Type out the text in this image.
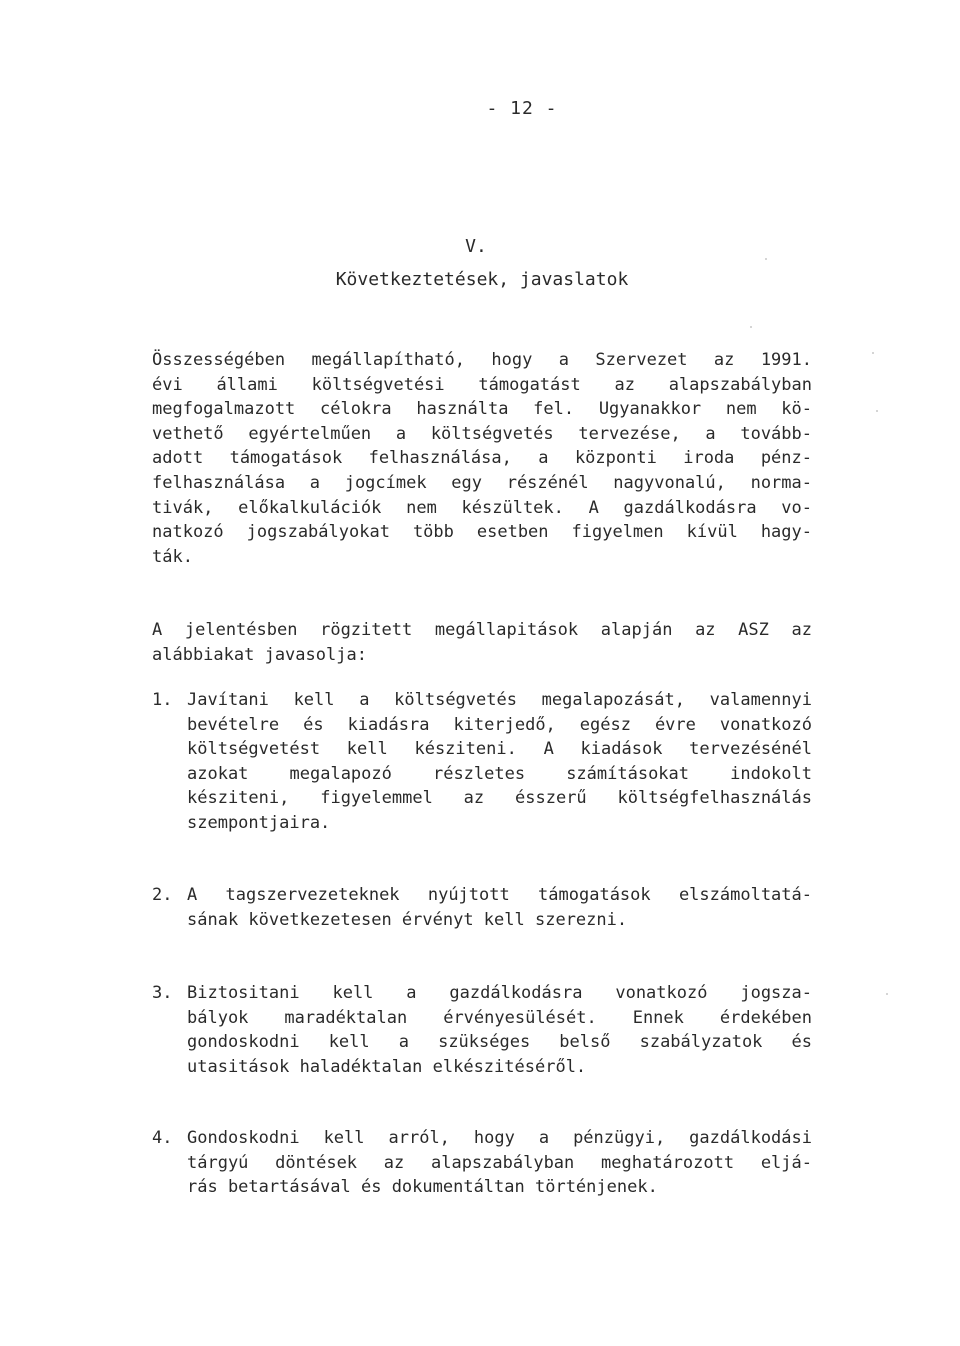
- 12 -
V.
Következtetések, javaslatok
Összességében megállapítható, hogy a Szervezet az 1991.
évi állami költségvetési támogatást az alapszabályban
megfogalmazott célokra használta fel. Ugyanakkor nem kö-
vethető egyértelműen a költségvetés tervezése, a tovább-
adott támogatások felhasználása, a központi iroda pénz-
felhasználása a jogcímek egy részénél nagyvonalú, norma-
tivák, előkalkulációk nem készültek. A gazdálkodásra vo-
natkozó jogszabályokat több esetben figyelmen kívül hagy-
ták.
A jelentésben rögzitett megállapitások alapján az ASZ az
alábbiakat javasolja:
1. Javítani kell a költségvetés megalapozását, valamennyi
bevételre és kiadásra kiterjedő, egész évre vonatkozó
költségvetést kell késziteni. A kiadások tervezésénél
azokat megalapozó részletes számításokat indokolt
késziteni, figyelemmel az ésszerű költségfelhasználás
szempontjaira.
2. A tagszervezeteknek nyújtott támogatások elszámoltatá-
sának következetesen érvényt kell szerezni.
3. Biztositani kell a gazdálkodásra vonatkozó jogsza-
bályok maradéktalan érvényesülését. Ennek érdekében
gondoskodni kell a szükséges belső szabályzatok és
utasitások haladéktalan elkészitéséről.
4. Gondoskodni kell arról, hogy a pénzügyi, gazdálkodási
tárgyú döntések az alapszabályban meghatározott eljá-
rás betartásával és dokumentáltan történjenek.
